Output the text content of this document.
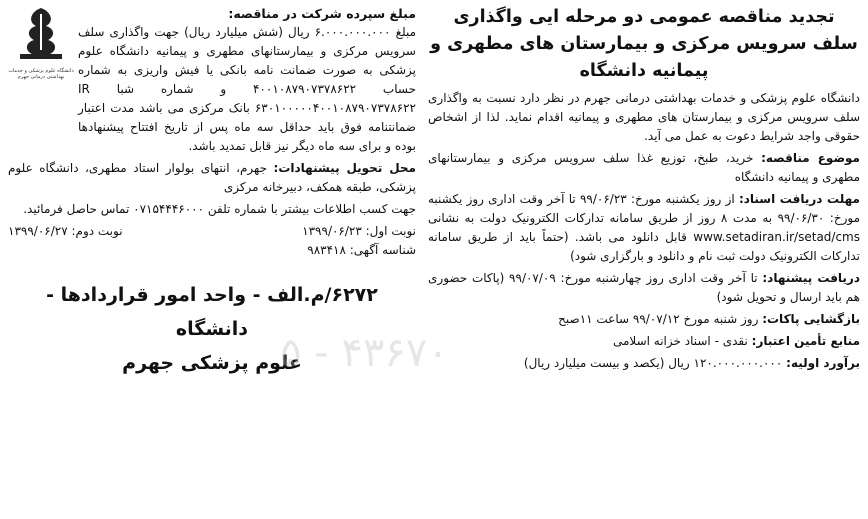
تجدید مناقصه عمومی دو مرحله ایی واگذاری سلف سرویس مرکزی و بیمارستان های مطهری و پیمانیه دانشگاه

دانشگاه علوم پزشکی و خدمات بهداشتی درمانی جهرم در نظر دارد نسبت به واگذاری سلف سرویس مرکزی و بیمارستان های مطهری و پیمانیه اقدام نماید. لذا از اشخاص حقوقی واجد شرایط دعوت به عمل می آید.

موضوع مناقصه: خرید، طبخ، توزیع غذا سلف سرویس مرکزی و بیمارستانهای مطهری و پیمانیه دانشگاه

مهلت دریافت اسناد: از روز یکشنبه مورخ: ۹۹/۰۶/۲۳ تا آخر وقت اداری روز یکشنبه مورخ: ۹۹/۰۶/۳۰ به مدت ۸ روز از طریق سامانه تدارکات الکترونیک دولت به نشانی www.setadiran.ir/setad/cms قابل دانلود می باشد. (حتماً باید از طریق سامانه تدارکات الکترونیک دولت ثبت نام و دانلود و بارگزاری شود)

دریافت پیشنهاد: تا آخر وقت اداری روز چهارشنبه مورخ: ۹۹/۰۷/۰۹ (پاکات حضوری هم باید ارسال و تحویل شود)

بازگشایی پاکات: روز شنبه مورخ ۹۹/۰۷/۱۲ ساعت ۱۱صبح

منابع تأمین اعتبار: نقدی - اسناد خزانه اسلامی

برآورد اولیه: ۱۲۰.۰۰۰.۰۰۰.۰۰۰ ریال (یکصد و بیست میلیارد ریال)

دانشگاه علوم پزشکی و خدمات بهداشتی درمانی جهرم

مبلغ سپرده شرکت در مناقصه:

مبلغ ۶.۰۰۰.۰۰۰.۰۰۰ ریال (شش میلیارد ریال) جهت واگذاری سلف سرویس مرکزی و بیمارستانهای مطهری و پیمانیه دانشگاه علوم پزشکی به صورت ضمانت نامه بانکی یا فیش واریزی به شماره حساب ۴۰۰۱۰۸۷۹۰۷۳۷۸۶۲۲ و شماره شبا IR ۶۳۰۱۰۰۰۰۰۴۰۰۱۰۸۷۹۰۷۳۷۸۶۲۲ بانک مرکزی می باشد مدت اعتبار ضمانتنامه فوق باید حداقل سه ماه پس از تاریخ افتتاح پیشنهادها بوده و برای سه ماه دیگر نیز قابل تمدید باشد.

محل تحویل پیشنهادات: جهرم، انتهای بولوار استاد مطهری، دانشگاه علوم پزشکی، طبقه همکف، دبیرخانه مرکزی

جهت کسب اطلاعات بیشتر با شماره تلفن ۰۷۱۵۴۴۴۶۰۰۰ تماس حاصل فرمائید.

نوبت اول: ۱۳۹۹/۰۶/۲۳
نوبت دوم: ۱۳۹۹/۰۶/۲۷
شناسه آگهی: ۹۸۳۴۱۸
۶۲۷۲/م.الف - واحد امور قراردادها - دانشگاه
علوم پزشکی جهرم
۵ - ۴۳۶۷۰
